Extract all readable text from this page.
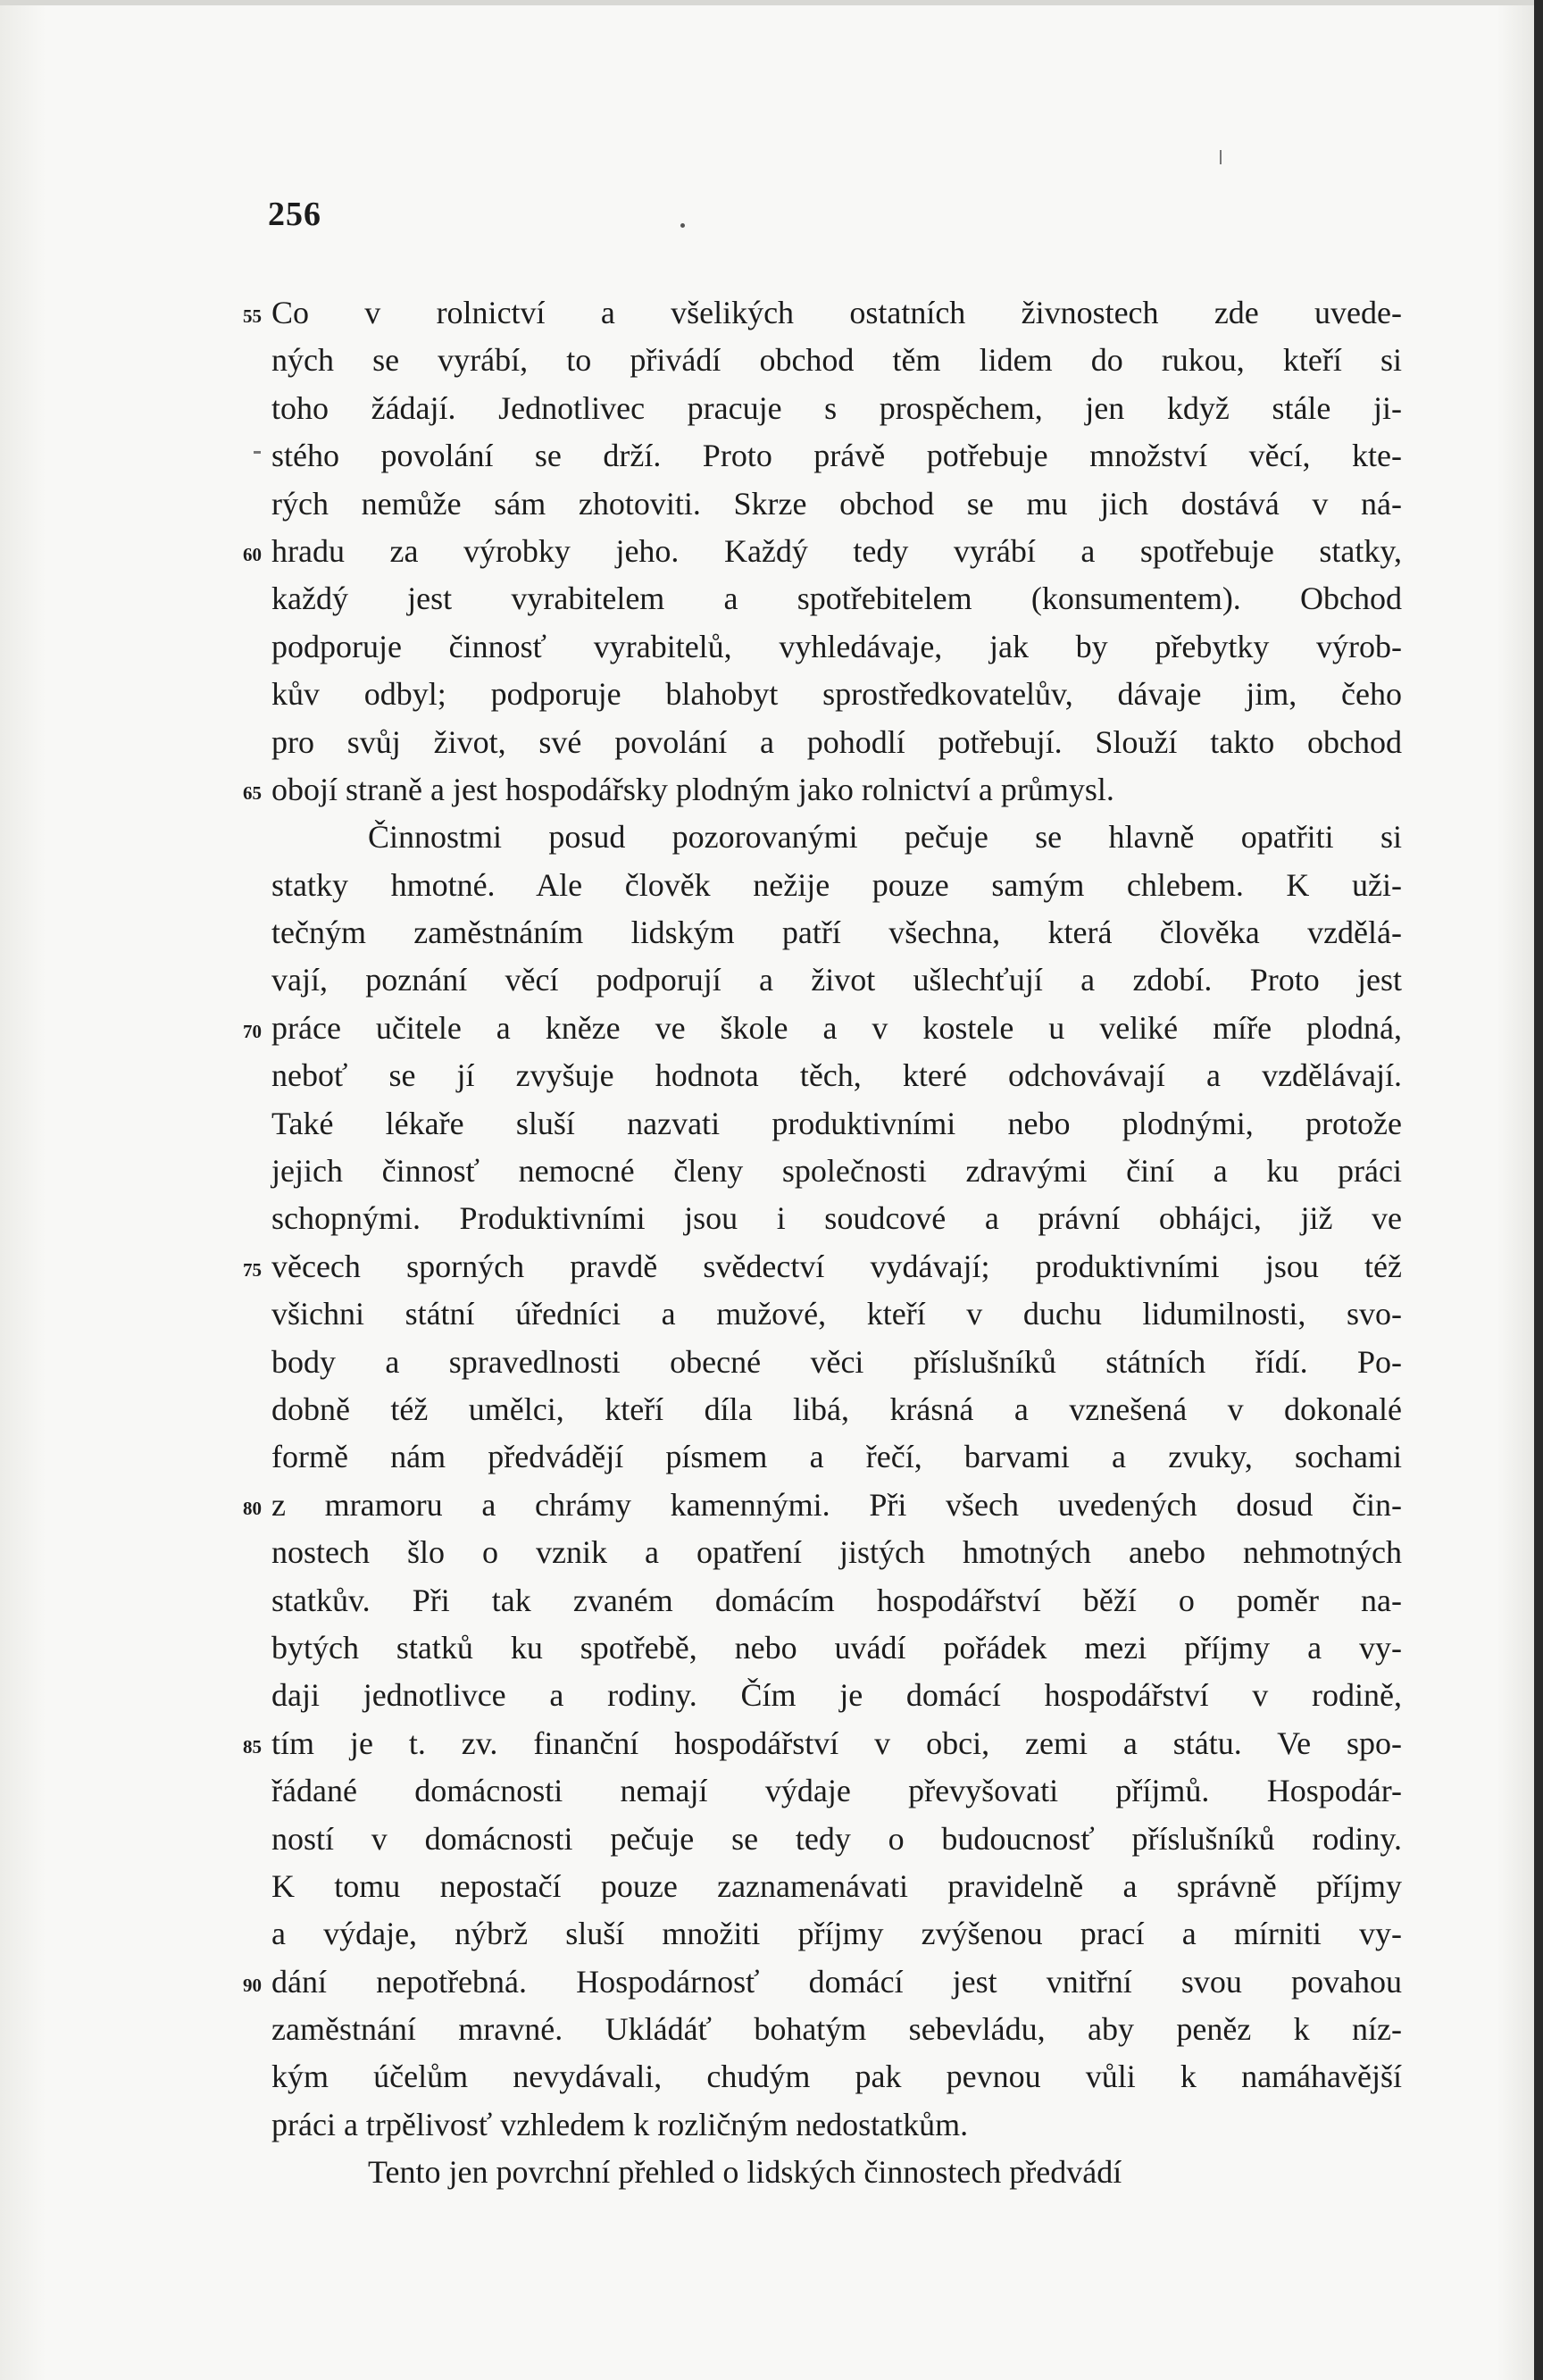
256
55 Co v rolnictví a všelikých ostatních živnostech zde uvede-
ných se vyrábí, to přivádí obchod těm lidem do rukou, kteří si
toho žádají. Jednotlivec pracuje s prospěchem, jen když stále ji-
stého povolání se drží. Proto právě potřebuje množství věcí, kte-
rých nemůže sám zhotoviti. Skrze obchod se mu jich dostává v ná-
60 hradu za výrobky jeho. Každý tedy vyrábí a spotřebuje statky,
každý jest vyrabitelem a spotřebitelem (konsumentem). Obchod
podporuje činnosť vyrabitelů, vyhledávaje, jak by přebytky výrob-
kův odbyl; podporuje blahobyt sprostředkovatelův, dávaje jim, čeho
pro svůj život, své povolání a pohodlí potřebují. Slouží takto obchod
65 obojí straně a jest hospodářsky plodným jako rolnictví a průmysl.
Činnostmi posud pozorovanými pečuje se hlavně opatřiti si
statky hmotné. Ale člověk nežije pouze samým chlebem. K uži-
tečným zaměstnáním lidským patří všechna, která člověka vzdělá-
vají, poznání věcí podporují a život ušlechťují a zdobí. Proto jest
70 práce učitele a kněze ve škole a v kostele u veliké míře plodná,
neboť se jí zvyšuje hodnota těch, které odchovávají a vzdělávají.
Také lékaře sluší nazvati produktivními nebo plodnými, protože
jejich činnosť nemocné členy společnosti zdravými činí a ku práci
schopnými. Produktivními jsou i soudcové a právní obhájci, již ve
75 věcech sporných pravdě svědectví vydávají; produktivními jsou též
všichni státní úředníci a mužové, kteří v duchu lidumilnosti, svo-
body a spravedlnosti obecné věci příslušníků státních řídí. Po-
dobně též umělci, kteří díla libá, krásná a vznešená v dokonalé
formě nám předvádějí písmem a řečí, barvami a zvuky, sochami
80 z mramoru a chrámy kamennými. Při všech uvedených dosud čin-
nostech šlo o vznik a opatření jistých hmotných anebo nehmotných
statkův. Při tak zvaném domácím hospodářství běží o poměr na-
bytých statků ku spotřebě, nebo uvádí pořádek mezi příjmy a vy-
daji jednotlivce a rodiny. Čím je domácí hospodářství v rodině,
85 tím je t. zv. finanční hospodářství v obci, zemi a státu. Ve spo-
řádané domácnosti nemají výdaje převyšovati příjmů. Hospodár-
ností v domácnosti pečuje se tedy o budoucnosť příslušníků rodiny.
K tomu nepostačí pouze zaznamenávati pravidelně a správně příjmy
a výdaje, nýbrž sluší množiti příjmy zvýšenou prací a mírniti vy-
90 dání nepotřebná. Hospodárnosť domácí jest vnitřní svou povahou
zaměstnání mravné. Ukládáť bohatým sebevládu, aby peněz k níz-
kým účelům nevydávali, chudým pak pevnou vůli k namáhavější
práci a trpělivosť vzhledem k rozličným nedostatkům.
Tento jen povrchní přehled o lidských činnostech předvádí
